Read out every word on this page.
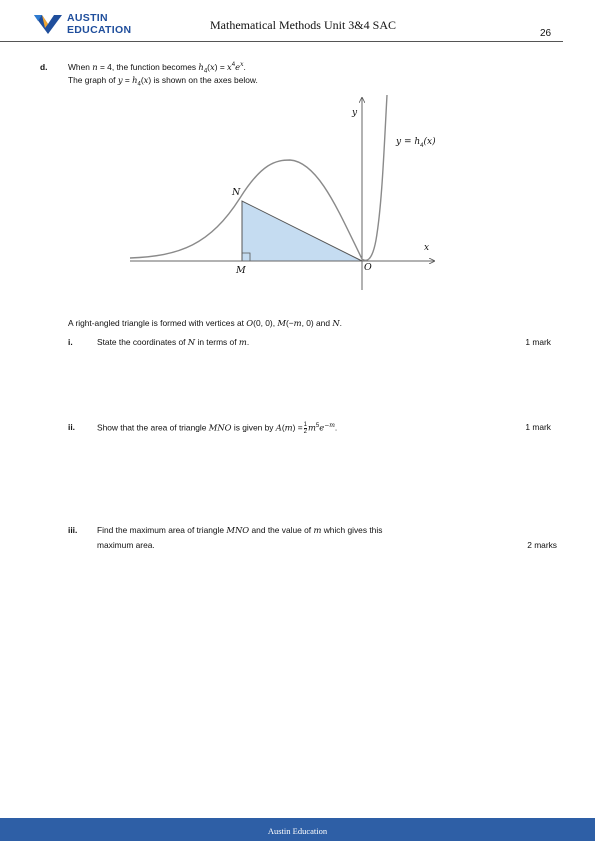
AUSTIN
EDUCATION	Mathematical Methods Unit 3&4 SAC
26
d. When n = 4, the function becomes $h_4(x) = x^4e^x$.
The graph of $y = h_4(x)$ is shown on the axes below.
y
x
$y = h_4(x)$
N
M	O
A right-angled triangle is formed with vertices at O(0, 0), M(−m, 0) and N.
i.	State the coordinates of N in terms of m.	1 mark
ii.	Show that the area of triangle MNO is given by $A(m) = \frac{1}{2} m^5e^{-m}$.	1 mark
iii. Find the maximum area of triangle MNO and the value of m which gives this
maximum area.	2 marks
Austin Education
